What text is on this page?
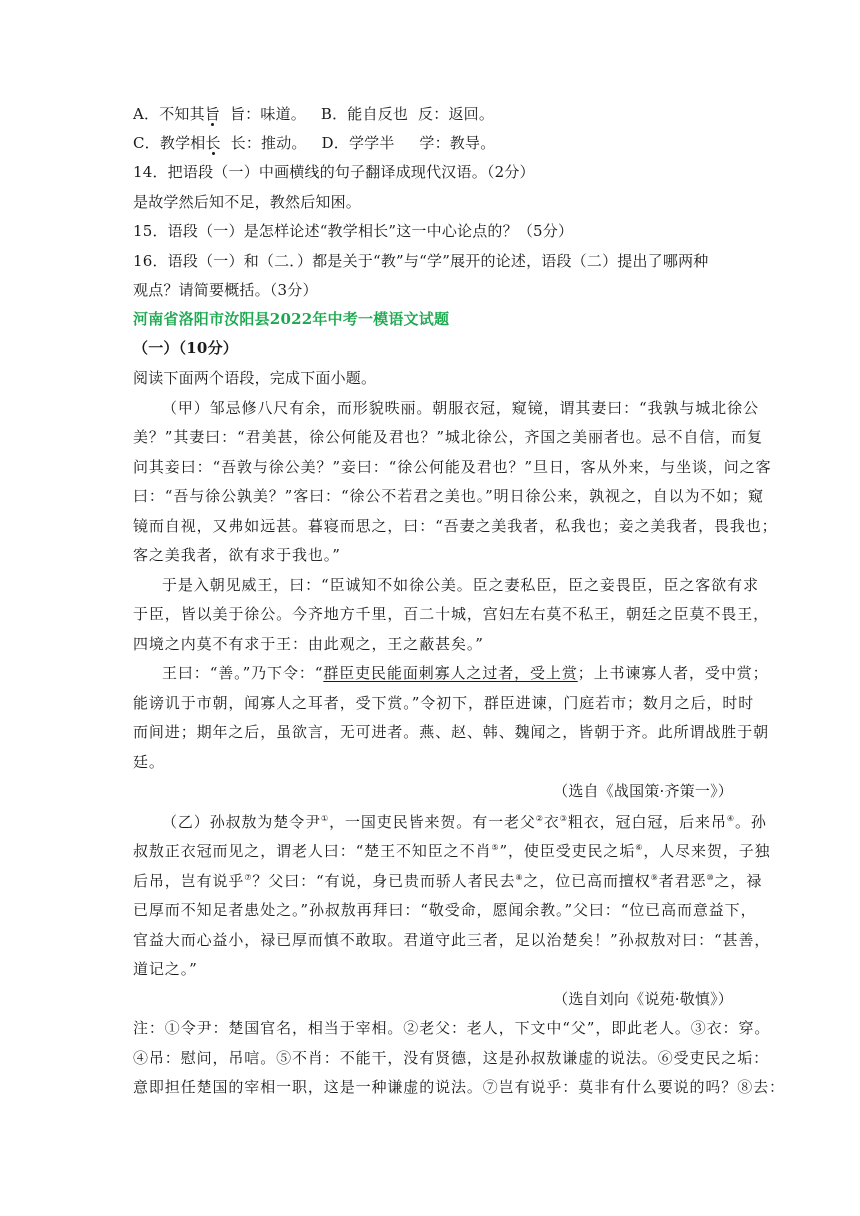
A．不知其旨  旨：味道。   B．能自反也  反：返回。
C．教学相长  长：推动。   D．学学半     学：教导。
14．把语段（一）中画横线的句子翻译成现代汉语。（2分）
是故学然后知不足，教然后知困。
15．语段（一）是怎样论述“教学相长”这一中心论点的？（5分）
16．语段（一）和（二．）都是关于“教”与“学”展开的论述，语段（二）提出了哪两种
观点？请简要概括。（3分）
河南省洛阳市汝阳县2022年中考一模语文试题
（一）（10分）
阅读下面两个语段，完成下面小题。
（甲）邹忌修八尺有余，而形貌昳丽。朝服衣冠，窥镜，谓其妻曰：“我孰与城北徐公
美？”其妻曰：“君美甚，徐公何能及君也？”城北徐公，齐国之美丽者也。忌不自信，而复
问其妾曰：“吾敦与徐公美？”妾曰：“徐公何能及君也？”旦日，客从外来，与坐谈，问之客
曰：“吾与徐公孰美？”客曰：“徐公不若君之美也。”明日徐公来，孰视之，自以为不如；窥
镜而自视，又弗如远甚。暮寝而思之，曰：“吾妻之美我者，私我也；妾之美我者，畏我也；
客之美我者，欲有求于我也。”
于是入朝见威王，曰：“臣诚知不如徐公美。臣之妻私臣，臣之妾畏臣，臣之客欲有求
于臣，皆以美于徐公。今齐地方千里，百二十城，宫妇左右莫不私王，朝廷之臣莫不畏王，
四境之内莫不有求于王：由此观之，王之蔽甚矣。”
王曰：“善。”乃下令：“群臣吏民能面刺寡人之过者，受上赏；上书谏寡人者，受中赏；
能谤讥于市朝，闻寡人之耳者，受下赏。”令初下，群臣进谏，门庭若市；数月之后，时时
而间进；期年之后，虽欲言，无可进者。燕、赵、韩、魏闻之，皆朝于齐。此所谓战胜于朝
廷。
（选自《战国策·齐策一》）
（乙）孙叔敖为楚令尹①，一国吏民皆来贺。有一老父②衣③粗衣，冠白冠，后来吊④。孙
叔敖正衣冠而见之，谓老人曰：“楚王不知臣之不肖⑤”，使臣受吏民之垢⑥，人尽来贺，子独
后吊，岂有说乎⑦？父曰：“有说，身已贵而骄人者民去⑧之，位已高而擅权⑨者君恶⑩之，禄
已厚而不知足者患处之。”孙叔敖再拜曰：“敬受命，愿闻余教。”父曰：“位已高而意益下，
官益大而心益小，禄已厚而慎不敢取。君道守此三者，足以治楚矣！”孙叔敖对曰：“甚善，
道记之。”
（选自刘向《说苑·敬慎》）
注：①令尹：楚国官名，相当于宰相。②老父：老人，下文中“父”，即此老人。③衣：穿。
④吊：慰问，吊唁。⑤不肖：不能干，没有贤德，这是孙叔敖谦虚的说法。⑥受吏民之垢：
意即担任楚国的宰相一职，这是一种谦虚的说法。⑦岂有说乎：莫非有什么要说的吗？⑧去：
